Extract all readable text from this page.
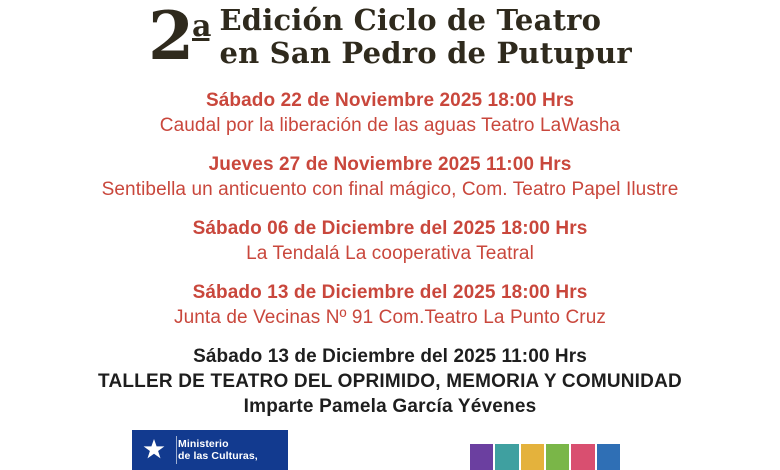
2$^a$ Edición Ciclo de Teatro
en San Pedro de Putupur
Sábado 22 de Noviembre 2025 18:00 Hrs
Caudal por la liberación de las aguas Teatro LaWasha
Jueves 27 de Noviembre 2025 11:00 Hrs
Sentibella un anticuento con final mágico, Com. Teatro Papel Ilustre
Sábado 06 de Diciembre del 2025 18:00 Hrs
La Tendalá La cooperativa Teatral
Sábado 13 de Diciembre del 2025 18:00 Hrs
Junta de Vecinas Nº 91 Com.Teatro La Punto Cruz
Sábado 13 de Diciembre del 2025 11:00 Hrs
TALLER DE TEATRO DEL OPRIMIDO, MEMORIA Y COMUNIDAD
Imparte Pamela García Yévenes
Ministerio
de las Culturas,
